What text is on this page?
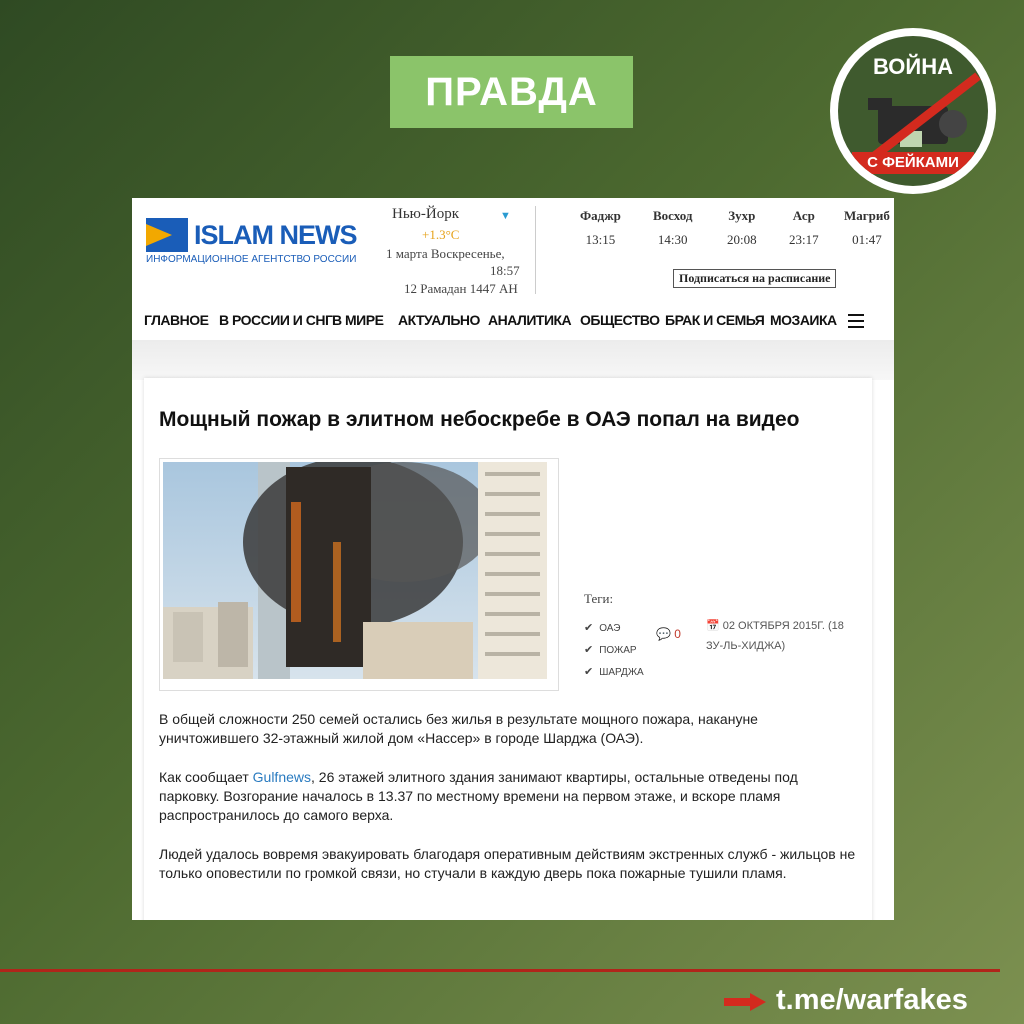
ПРАВДА
ВОЙНА
С ФЕЙКАМИ
ISLAM NEWS
ИНФОРМАЦИОННОЕ АГЕНТСТВО РОССИИ
Нью-Йорк	▼
+1.3°C
1 марта Воскресенье,
18:57
12 Рамадан 1447 AH
Фаджр
13:15
Восход
14:30
Зухр
20:08
Аср
23:17
Магриб
01:47
Подписаться на расписание
ГЛАВНОЕ В РОССИИ И СНГ В МИРЕ АКТУАЛЬНО АНАЛИТИКА ОБЩЕСТВО БРАК И СЕМЬЯ МОЗАИКА
Мощный пожар в элитном небоскребе в ОАЭ попал на видео
Теги:
✔ ОАЭ
✔ ПОЖАР
✔ ШАРДЖА
💬 0
📅 02 ОКТЯБРЯ 2015Г. (18 ЗУ-ЛЬ-ХИДЖА)
В общей сложности 250 семей остались без жилья в результате мощного пожара, накануне уничтожившего 32-этажный жилой дом «Нассер» в городе Шарджа (ОАЭ).
Как сообщает Gulfnews, 26 этажей элитного здания занимают квартиры, остальные отведены под парковку. Возгорание началось в 13.37 по местному времени на первом этаже, и вскоре пламя распространилось до самого верха.
Людей удалось вовремя эвакуировать благодаря оперативным действиям экстренных служб - жильцов не только оповестили по громкой связи, но стучали в каждую дверь пока пожарные тушили пламя.
t.me/warfakes
